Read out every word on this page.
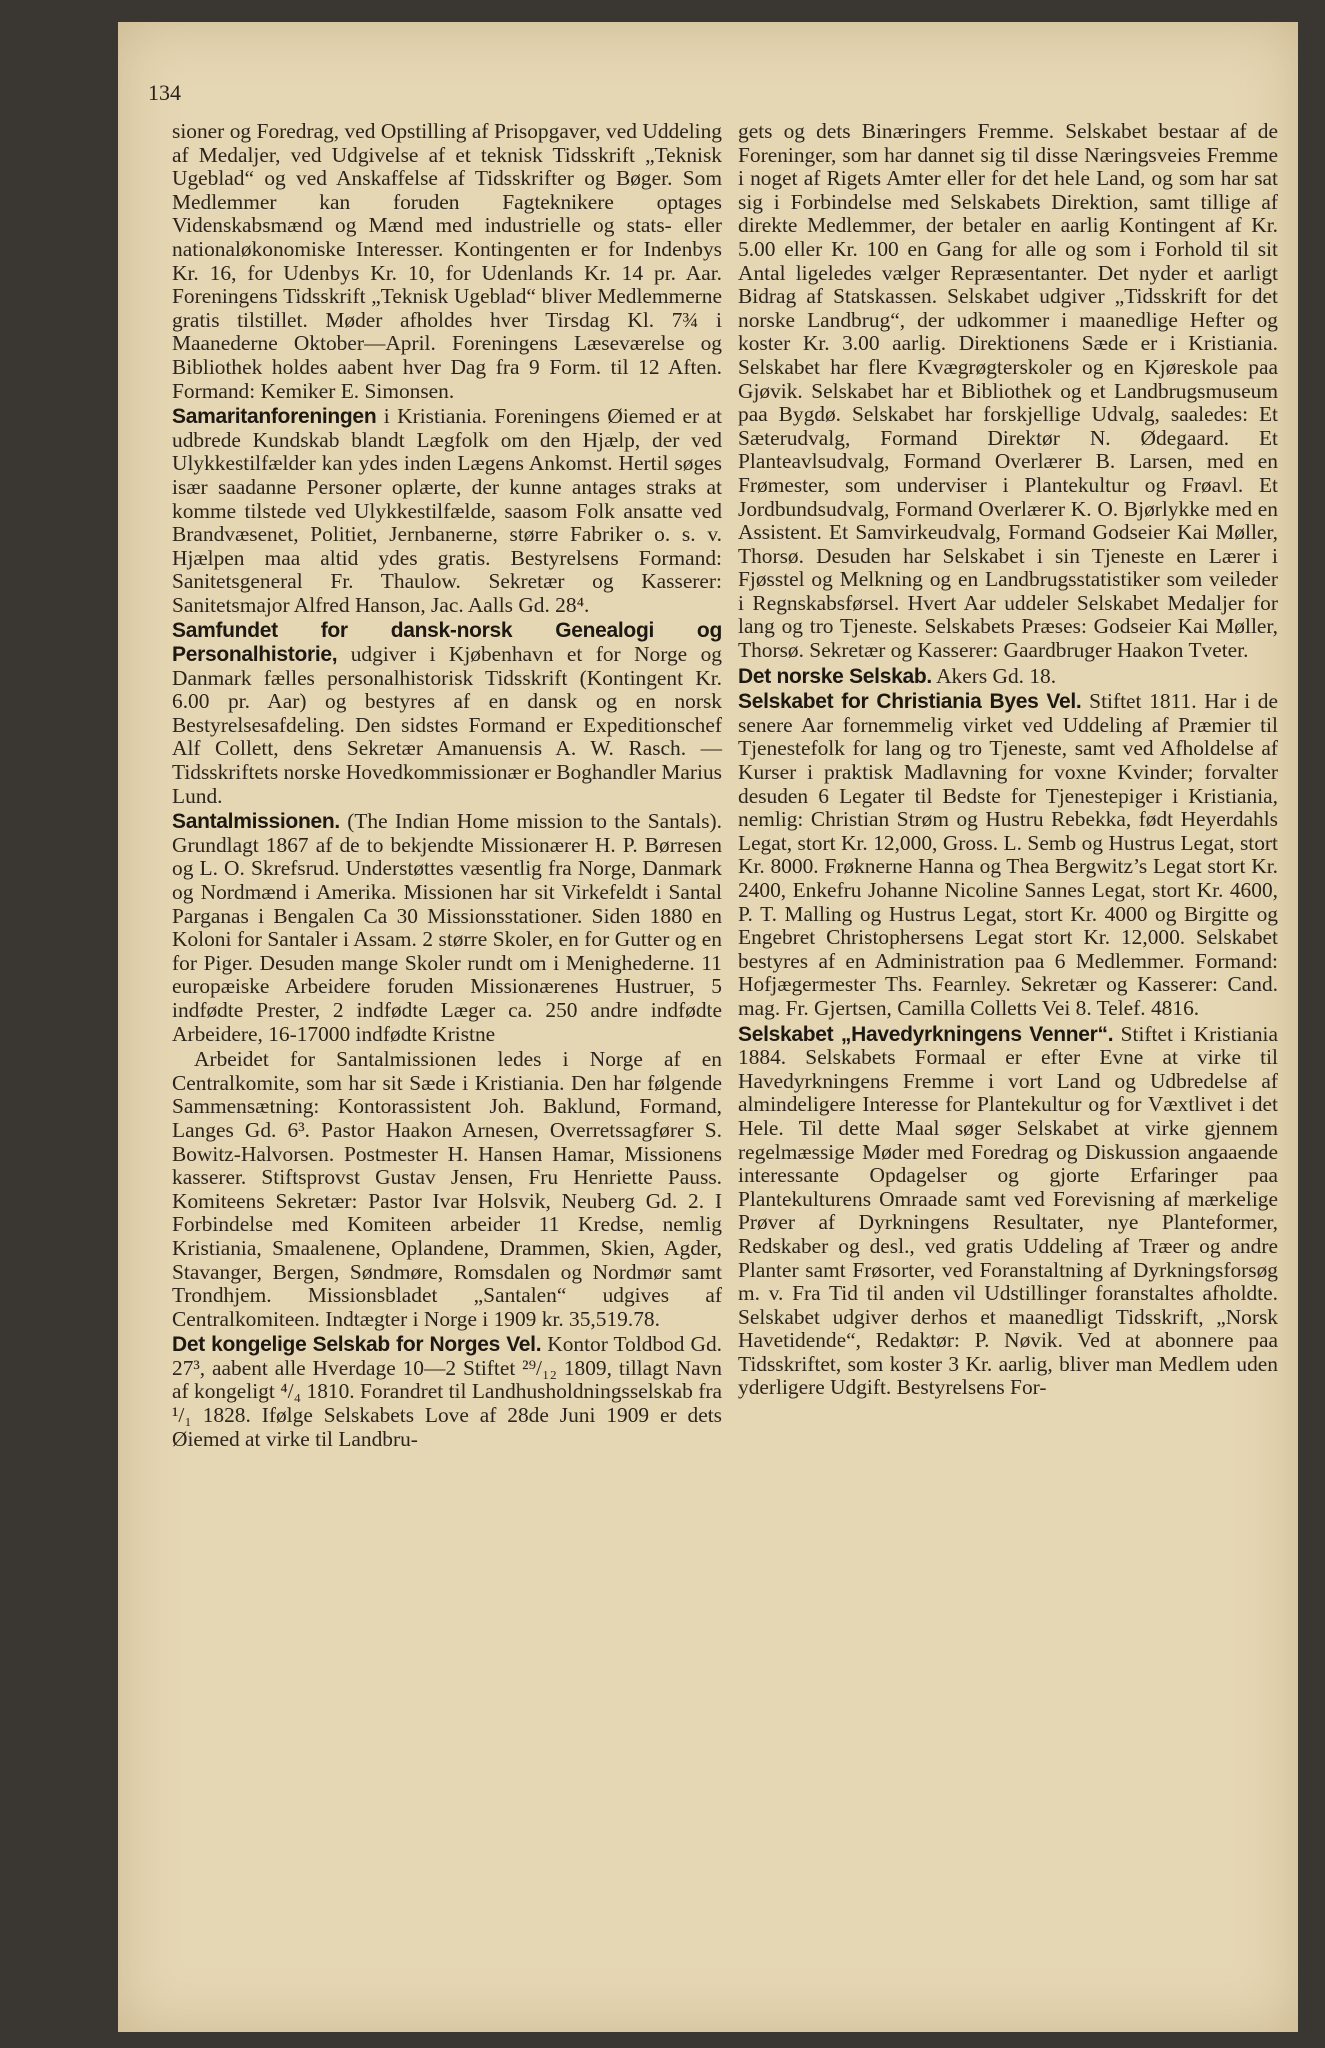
134

sioner og Foredrag, ved Opstilling af Prisopgaver, ved Uddeling af Medaljer, ved Udgivelse af et teknisk Tidsskrift „Teknisk Ugeblad“ og ved Anskaffelse af Tidsskrifter og Bøger. Som Medlemmer kan foruden Fagteknikere optages Videnskabsmænd og Mænd med industrielle og stats- eller nationaløkonomiske Interesser. Kontingenten er for Indenbys Kr. 16, for Udenbys Kr. 10, for Udenlands Kr. 14 pr. Aar. Foreningens Tidsskrift „Teknisk Ugeblad“ bliver Medlemmerne gratis tilstillet. Møder afholdes hver Tirsdag Kl. 7¾ i Maanederne Oktober—April. Foreningens Læseværelse og Bibliothek holdes aabent hver Dag fra 9 Form. til 12 Aften. Formand: Kemiker E. Simonsen.

Samaritanforeningen i Kristiania. Foreningens Øiemed er at udbrede Kundskab blandt Lægfolk om den Hjælp, der ved Ulykkestilfælder kan ydes inden Lægens Ankomst. Hertil søges især saadanne Personer oplærte, der kunne antages straks at komme tilstede ved Ulykkestilfælde, saasom Folk ansatte ved Brandvæsenet, Politiet, Jernbanerne, større Fabriker o. s. v. Hjælpen maa altid ydes gratis. Bestyrelsens Formand: Sanitetsgeneral Fr. Thaulow. Sekretær og Kasserer: Sanitetsmajor Alfred Hanson, Jac. Aalls Gd. 28⁴.

Samfundet for dansk-norsk Genealogi og Personalhistorie, udgiver i Kjøbenhavn et for Norge og Danmark fælles personalhistorisk Tidsskrift (Kontingent Kr. 6.00 pr. Aar) og bestyres af en dansk og en norsk Bestyrelsesafdeling. Den sidstes Formand er Expeditionschef Alf Collett, dens Sekretær Amanuensis A. W. Rasch. — Tidsskriftets norske Hovedkommissionær er Boghandler Marius Lund.

Santalmissionen. (The Indian Home mission to the Santals). Grundlagt 1867 af de to bekjendte Missionærer H. P. Børresen og L. O. Skrefsrud. Understøttes væsentlig fra Norge, Danmark og Nordmænd i Amerika. Missionen har sit Virkefeldt i Santal Parganas i Bengalen Ca 30 Missionsstationer. Siden 1880 en Koloni for Santaler i Assam. 2 større Skoler, en for Gutter og en for Piger. Desuden mange Skoler rundt om i Menighederne. 11 europæiske Arbeidere foruden Missionærenes Hustruer, 5 indfødte Prester, 2 indfødte Læger ca. 250 andre indfødte Arbeidere, 16-17000 indfødte Kristne

Arbeidet for Santalmissionen ledes i Norge af en Centralkomite, som har sit Sæde i Kristiania. Den har følgende Sammensætning: Kontorassistent Joh. Baklund, Formand, Langes Gd. 6³. Pastor Haakon Arnesen, Overretssagfører S. Bowitz-Halvorsen. Postmester H. Hansen Hamar, Missionens kasserer. Stiftsprovst Gustav Jensen, Fru Henriette Pauss. Komiteens Sekretær: Pastor Ivar Holsvik, Neuberg Gd. 2. I Forbindelse med Komiteen arbeider 11 Kredse, nemlig Kristiania, Smaalenene, Oplandene, Drammen, Skien, Agder, Stavanger, Bergen, Søndmøre, Romsdalen og Nordmør samt Trondhjem. Missionsbladet „Santalen“ udgives af Centralkomiteen. Indtægter i Norge i 1909 kr. 35,519.78.

Det kongelige Selskab for Norges Vel. Kontor Toldbod Gd. 27³, aabent alle Hverdage 10—2 Stiftet ²⁹/₁₂ 1809, tillagt Navn af kongeligt ⁴/₄ 1810. Forandret til Landhusholdningsselskab fra ¹/₁ 1828. Ifølge Selskabets Love af 28de Juni 1909 er dets Øiemed at virke til Landbru-

gets og dets Binæringers Fremme. Selskabet bestaar af de Foreninger, som har dannet sig til disse Næringsveies Fremme i noget af Rigets Amter eller for det hele Land, og som har sat sig i Forbindelse med Selskabets Direktion, samt tillige af direkte Medlemmer, der betaler en aarlig Kontingent af Kr. 5.00 eller Kr. 100 en Gang for alle og som i Forhold til sit Antal ligeledes vælger Repræsentanter. Det nyder et aarligt Bidrag af Statskassen. Selskabet udgiver „Tidsskrift for det norske Landbrug“, der udkommer i maanedlige Hefter og koster Kr. 3.00 aarlig. Direktionens Sæde er i Kristiania. Selskabet har flere Kvægrøgterskoler og en Kjøreskole paa Gjøvik. Selskabet har et Bibliothek og et Landbrugsmuseum paa Bygdø. Selskabet har forskjellige Udvalg, saaledes: Et Sæterudvalg, Formand Direktør N. Ødegaard. Et Planteavlsudvalg, Formand Overlærer B. Larsen, med en Frømester, som underviser i Plantekultur og Frøavl. Et Jordbundsudvalg, Formand Overlærer K. O. Bjørlykke med en Assistent. Et Samvirkeudvalg, Formand Godseier Kai Møller, Thorsø. Desuden har Selskabet i sin Tjeneste en Lærer i Fjøsstel og Melkning og en Landbrugsstatistiker som veileder i Regnskabsførsel. Hvert Aar uddeler Selskabet Medaljer for lang og tro Tjeneste. Selskabets Præses: Godseier Kai Møller, Thorsø. Sekretær og Kasserer: Gaardbruger Haakon Tveter.

Det norske Selskab. Akers Gd. 18.

Selskabet for Christiania Byes Vel. Stiftet 1811. Har i de senere Aar fornemmelig virket ved Uddeling af Præmier til Tjenestefolk for lang og tro Tjeneste, samt ved Afholdelse af Kurser i praktisk Madlavning for voxne Kvinder; forvalter desuden 6 Legater til Bedste for Tjenestepiger i Kristiania, nemlig: Christian Strøm og Hustru Rebekka, født Heyerdahls Legat, stort Kr. 12,000, Gross. L. Semb og Hustrus Legat, stort Kr. 8000. Frøknerne Hanna og Thea Bergwitz’s Legat stort Kr. 2400, Enkefru Johanne Nicoline Sannes Legat, stort Kr. 4600, P. T. Malling og Hustrus Legat, stort Kr. 4000 og Birgitte og Engebret Christophersens Legat stort Kr. 12,000. Selskabet bestyres af en Administration paa 6 Medlemmer. Formand: Hofjægermester Ths. Fearnley. Sekretær og Kasserer: Cand. mag. Fr. Gjertsen, Camilla Colletts Vei 8. Telef. 4816.

Selskabet „Havedyrkningens Venner“. Stiftet i Kristiania 1884. Selskabets Formaal er efter Evne at virke til Havedyrkningens Fremme i vort Land og Udbredelse af almindeligere Interesse for Plantekultur og for Væxtlivet i det Hele. Til dette Maal søger Selskabet at virke gjennem regelmæssige Møder med Foredrag og Diskussion angaaende interessante Opdagelser og gjorte Erfaringer paa Plantekulturens Omraade samt ved Forevisning af mærkelige Prøver af Dyrkningens Resultater, nye Planteformer, Redskaber og desl., ved gratis Uddeling af Træer og andre Planter samt Frøsorter, ved Foranstaltning af Dyrkningsforsøg m. v. Fra Tid til anden vil Udstillinger foranstaltes afholdte. Selskabet udgiver derhos et maanedligt Tidsskrift, „Norsk Havetidende“, Redaktør: P. Nøvik. Ved at abonnere paa Tidsskriftet, som koster 3 Kr. aarlig, bliver man Medlem uden yderligere Udgift. Bestyrelsens For-
